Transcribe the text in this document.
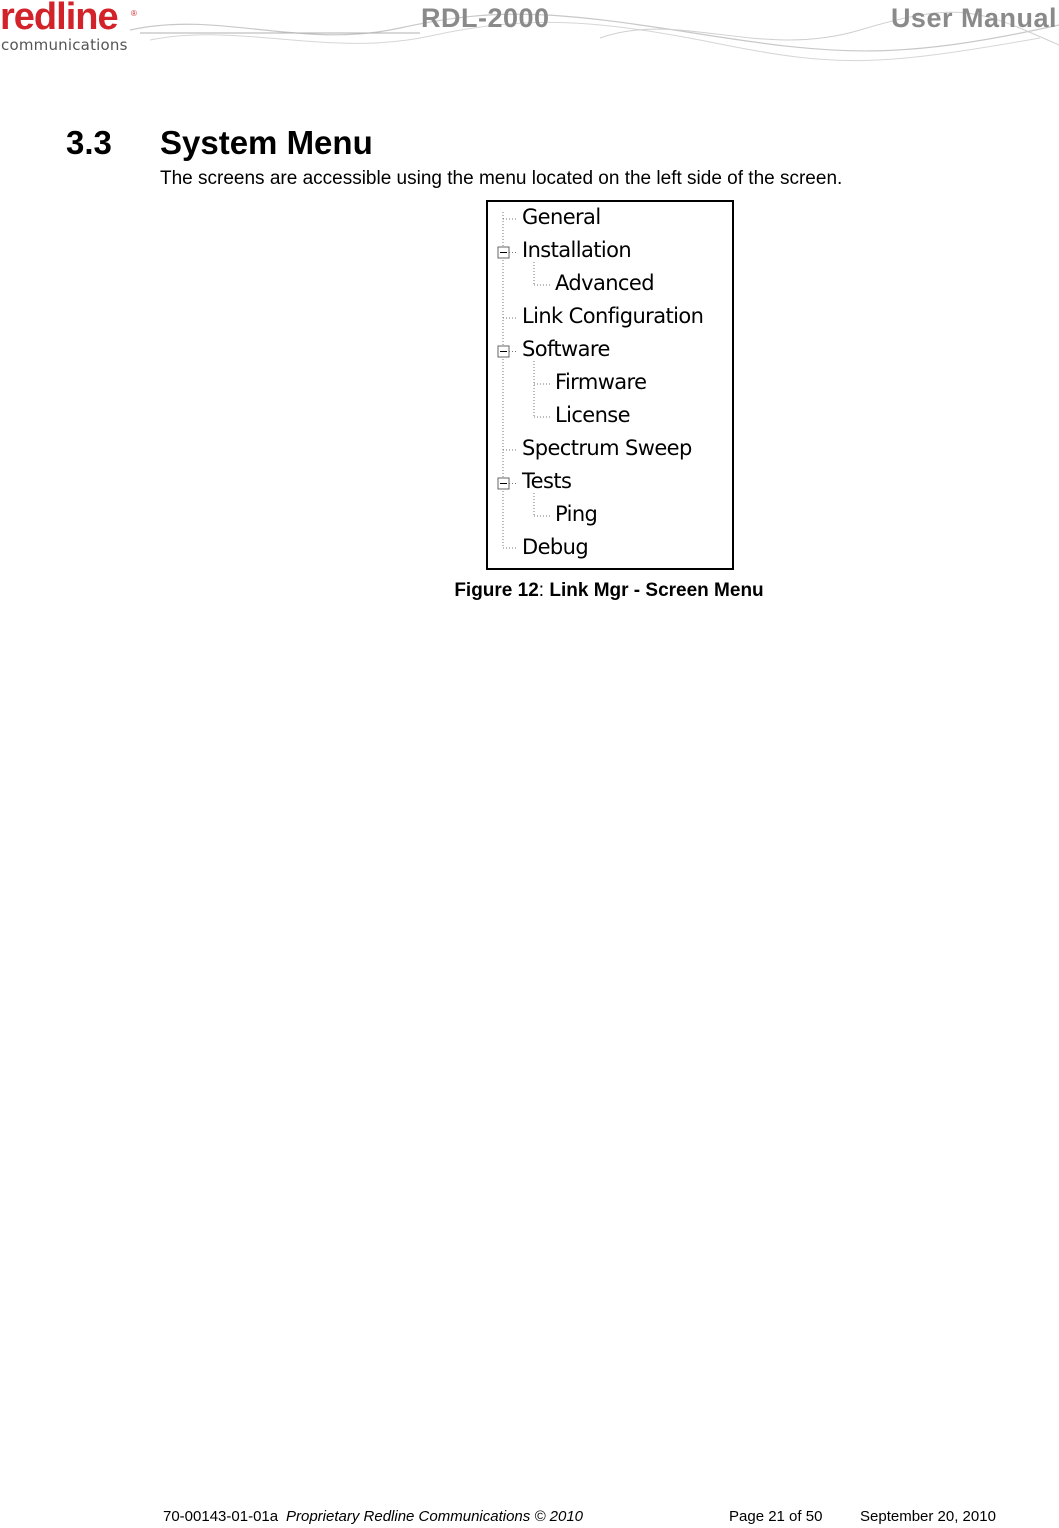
redline ®
communications
RDL-2000	User Manual
3.3 System Menu
The screens are accessible using the menu located on the left side of the screen.
General
Installation
Advanced
Link Configuration
Software
Firmware
License
Spectrum Sweep
Tests
Ping
Debug
Figure 12: Link Mgr - Screen Menu
70-00143-01-01a Proprietary Redline Communications © 2010	Page 21 of 50	September 20, 2010
